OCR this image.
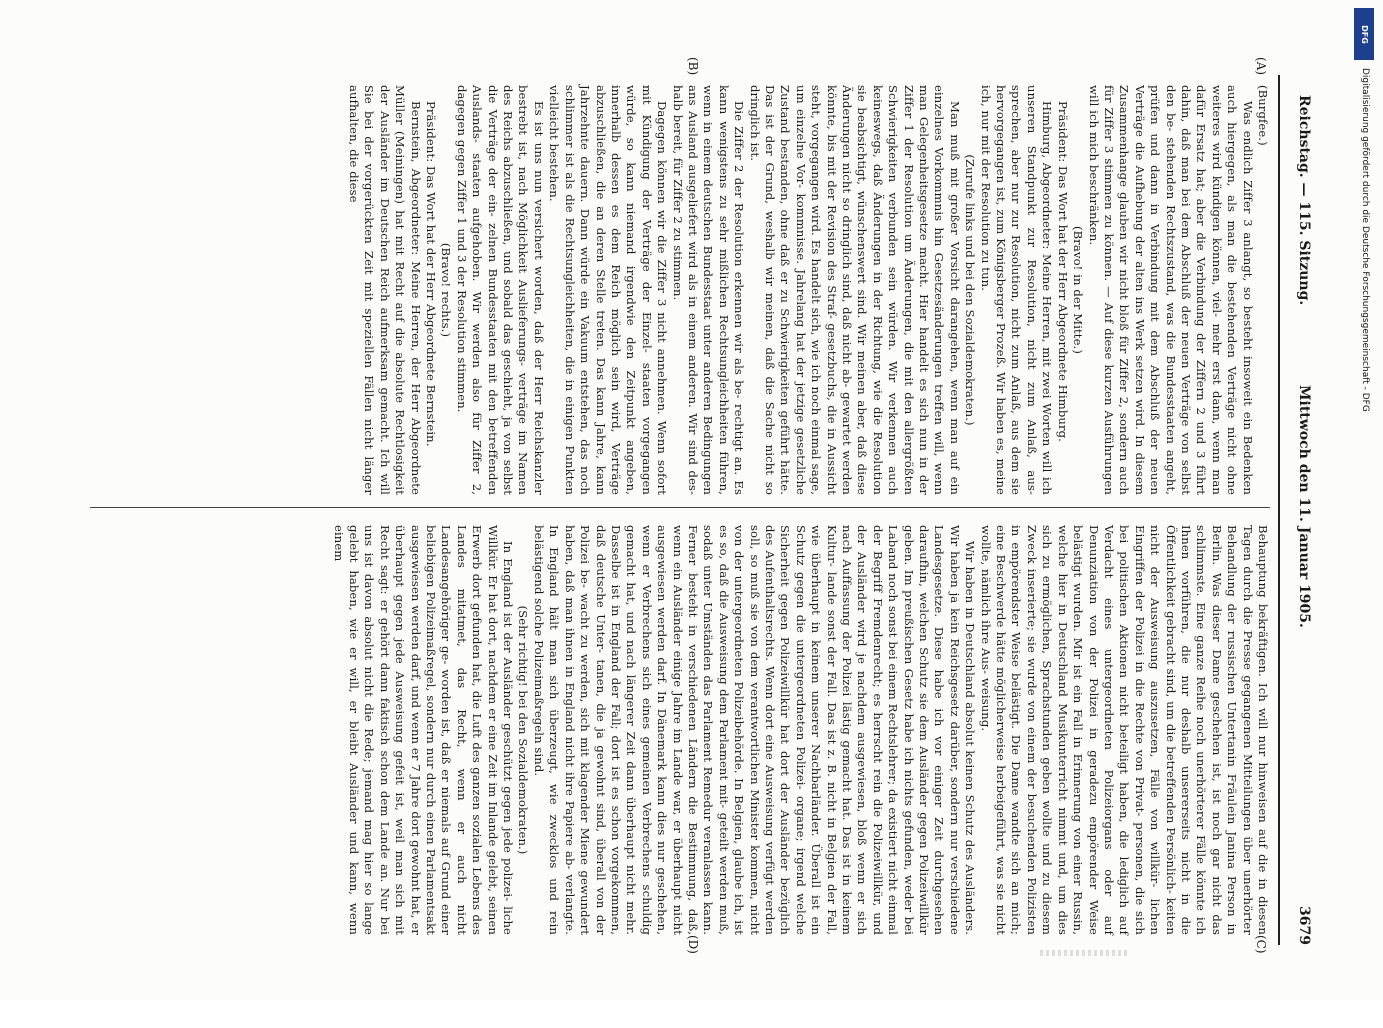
Reichstag. — 115. Sitzung.
Mittwoch den 11. Januar 1905.
3679
(A)
(B)
(C)
(D)

(Burgfee.)

Was endlich Ziffer 3 anlangt, so besteht insoweit ein Bedenken auch hiergegen, als man die bestehenden Verträge nicht ohne weiteres wird kündigen können, viel- mehr erst dann, wenn man dafür Ersatz hat; aber die Verbindung der Ziffern 2 und 3 führt dahin, daß man bei dem Abschluß der neuen Verträge von selbst den be- stehenden Rechtszustand, was die Bundesstaaten angeht, prüfen und dann in Verbindung mit dem Abschluß der neuen Verträge die Aufhebung der alten ins Werk setzen wird. In diesem Zusammenhange glauben wir nicht bloß für Ziffer 2, sondern auch für Ziffer 3 stimmen zu können. — Auf diese kurzen Ausführungen will ich mich beschränken.

(Bravo! in der Mitte.)

Präsident: Das Wort hat der Herr Abgeordnete Himburg.

Himburg, Abgeordneter: Meine Herren, mit zwei Worten will ich unseren Standpunkt zur Resolution, nicht zum Anlaß, aus- sprechen, aber nur zur Resolution, nicht zum Anlaß, aus dem sie hervorgegangen ist, zum Königsberger Prozeß. Wir haben es, meine ich, nur mit der Resolution zu tun.

(Zurufe links und bei den Sozialdemokraten.)

Man muß mit großer Vorsicht darangehen, wenn man auf ein einzelnes Vorkommnis hin Gesetzesänderungen treffen will, wenn man Gelegenheitsgesetze macht. Hier handelt es sich nun in der Ziffer 1 der Resolution um Änderungen, die mit den allergrößten Schwierigkeiten verbunden sein würden. Wir verkennen auch keineswegs, daß Änderungen in der Richtung, wie die Resolution sie beabsichtigt, wünschenswert sind. Wir meinen aber, daß diese Änderungen nicht so dringlich sind, daß nicht ab- gewartet werden könnte, bis mit der Revision des Straf- gesetzbuchs, die in Aussicht steht, vorgegangen wird. Es handelt sich, wie ich noch einmal sage, um einzelne Vor- kommnisse. Jahrelang hat der jetzige gesetzliche Zustand bestanden, ohne daß er zu Schwierigkeiten geführt hätte. Das ist der Grund, weshalb wir meinen, daß die Sache nicht so dringlich ist.

Die Ziffer 2 der Resolution erkennen wir als be- rechtigt an. Es kann wenigstens zu sehr mißlichen Rechtsungleichheiten führen, wenn in einem deutschen Bundesstaat unter anderen Bedingungen ans Ausland ausgeliefert wird als in einem anderen. Wir sind des- halb bereit, für Ziffer 2 zu stimmen.

Dagegen können wir die Ziffer 3 nicht annehmen. Wenn sofort mit Kündigung der Verträge der Einzel- staaten vorgegangen würde, so kann niemand irgendwie den Zeitpunkt angeben, innerhalb dessen es dem Reich möglich sein wird, Verträge abzuschließen, die an deren Stelle treten. Das kann Jahre, kann Jahrzehnte dauern. Dann würde ein Vakuum entstehen, das noch schlimmer ist als die Rechtsungleichheiten, die in einigen Punkten vielleicht bestehen.

Es ist uns nun versichert worden, daß der Herr Reichskanzler bestrebt ist, nach Möglichkeit Auslieferungs- verträge im Namen des Reichs abzuschließen, und sobald das geschieht, ja von selbst die Verträge der ein- zelnen Bundesstaaten mit den betreffenden Auslands- staaten aufgehoben. Wir werden also für Ziffer 2, dagegen gegen Ziffer 1 und 3 der Resolution stimmen.

(Bravo! rechts.)

Präsident: Das Wort hat der Herr Abgeordnete Bernstein.

Bernstein, Abgeordneter: Meine Herren, der Herr Abgeordnete Müller (Meiningen) hat mit Recht auf die absolute Rechtlosigkeit der Ausländer im Deutschen Reich aufmerksam gemacht. Ich will Sie bei der vorgerückten Zeit mit speziellen Fällen nicht länger aufhalten, die diese

Behauptung bekräftigen. Ich will nur hinweisen auf die in diesen Tagen durch die Presse gegangenen Mitteilungen über unerhörter Behandlung der russischen Untertanin Fräulein Janina Person in Berlin. Was dieser Dame geschehen ist, ist noch gar nicht das schlimmste. Eine ganze Reihe noch unerhörterer Fälle könnte ich Ihnen vorführen, die nur deshalb unsererseits nicht in die Öffentlichkeit gebracht sind, um die betreffenden Persönlich- keiten nicht der Ausweisung auszusetzen, Fälle von willkür- lichen Eingriffen der Polizei in die Rechte von Privat- personen, die sich bei politischen Aktionen nicht beteiligt haben, die lediglich auf Verdacht eines untergeordneten Polizeiorgans oder auf Denunziation von der Polizei in geradezu empörender Weise belästigt wurden. Mir ist ein Fall in Erinnerung von einer Russin, welche hier in Deutschland Musikunterricht nimmt und, um dies sich zu ermöglichen, Sprachstunden geben wollte und zu diesem Zweck inserierte; sie wurde von einem der besuchenden Polizisten in empörendster Weise belästigt. Die Dame wandte sich an mich; eine Beschwerde hätte möglicherweise herbeigeführt, was sie nicht wollte, nämlich ihre Aus- weisung.

Wir haben in Deutschland absolut keinen Schutz des Ausländers. Wir haben ja kein Reichsgesetz darüber, sondern nur verschiedene Landesgesetze. Diese habe ich vor einiger Zeit durchgesehen daraufhin, welchen Schutz sie dem Ausländer gegen Polizeiwillkür geben. Im preußischen Gesetz habe ich nichts gefunden, weder bei Laband noch sonst bei einem Rechtslehrer; da existiert nicht einmal der Begriff Fremdenrecht; es herrscht rein die Polizeiwillkür, und der Ausländer wird je nachdem ausgewiesen, bloß wenn er sich nach Auffassung der Polizei lästig gemacht hat. Das ist in keinem Kultur- lande sonst der Fall. Das ist z. B. nicht in Belgien der Fall, wie überhaupt in keinem unserer Nachbarländer. Überall ist ein Schutz gegen die untergeordneten Polizei- organe; irgend welche Sicherheit gegen Polizeiwillkür hat dort der Ausländer bezüglich des Aufenthaltsrechts. Wenn dort eine Ausweisung verfügt werden soll, so muß sie von dem verantwortlichen Minister kommen, nicht von der untergeordneten Polizeibehörde. In Belgien, glaube ich, ist es so, daß die Ausweisung dem Parlament mit- geteilt werden muß, sodaß unter Umständen das Parlament Remedur veranlassen kann. Ferner besteht in verschiedenen Ländern die Bestimmung, daß, wenn ein Ausländer einige Jahre im Lande war, er überhaupt nicht ausgewiesen werden darf. In Dänemark kann dies nur geschehen, wenn er Verbrechens sich eines gemeinen Verbrechens schuldig gemacht hat, und nach längerer Zeit dann überhaupt nicht mehr. Dasselbe ist in England der Fall; dort ist es schon vorgekommen, daß deutsche Unter- tanen, die ja gewohnt sind, überall von der Polizei be- wacht zu werden, sich mit klagender Miene gewundert haben, daß man ihnen in England nicht ihre Papiere ab- verlangte. In England hält man sich überzeugt, wie zwecklos und rein belästigend solche Polizeimaßregeln sind.

(Sehr richtig! bei den Sozialdemokraten.)

In England ist der Ausländer geschützt gegen jede polizei- liche Willkür. Er hat dort, nachdem er eine Zeit im Inlande gelebt, seinen Erwerb dort gefunden hat, die Luft des ganzen sozialen Lebens des Landes mitatmet, das Recht, wenn er auch nicht Landesangehöriger ge- worden ist, daß er niemals auf Grund einer beliebigen Polizeimaßregel, sondern nur durch einen Parlamentsakt ausgewiesen werden darf, und wenn er 7 Jahre dort gewohnt hat, er überhaupt gegen jede Ausweisung gefeit ist, weil man sich mit Recht sagt: er gehört dann faktisch schon dem Lande an. Nur bei uns ist davon absolut nicht die Rede; jemand mag hier so lange gelebt haben, wie er will, er bleibt Ausländer und kann, wenn einem

DFG
Digitalisierung gefördert durch die Deutsche Forschungsgemeinschaft - DFG
